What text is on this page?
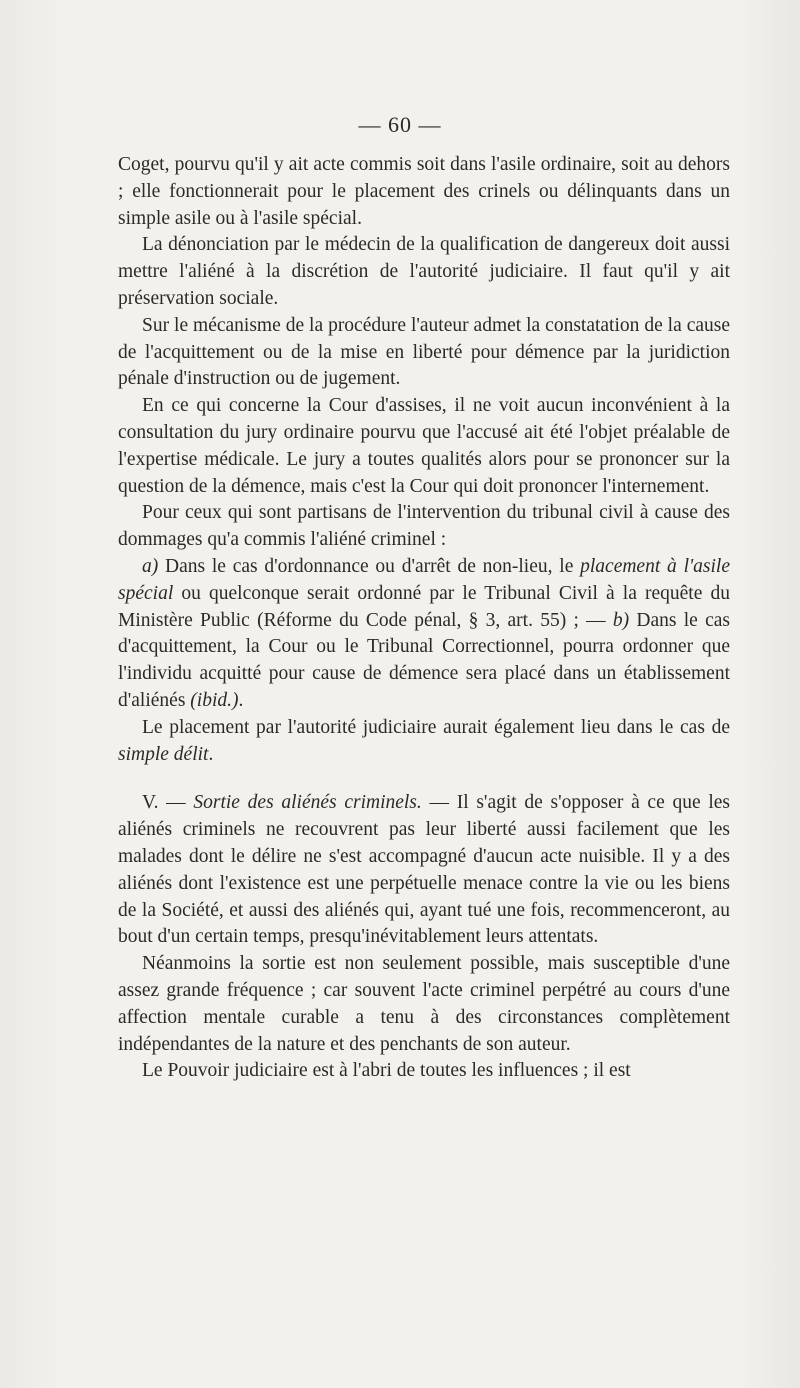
— 60 —

Coget, pourvu qu'il y ait acte commis soit dans l'asile ordinaire, soit au dehors ; elle fonctionnerait pour le placement des crinels ou délinquants dans un simple asile ou à l'asile spécial.

La dénonciation par le médecin de la qualification de dangereux doit aussi mettre l'aliéné à la discrétion de l'autorité judiciaire. Il faut qu'il y ait préservation sociale.

Sur le mécanisme de la procédure l'auteur admet la constatation de la cause de l'acquittement ou de la mise en liberté pour démence par la juridiction pénale d'instruction ou de jugement.

En ce qui concerne la Cour d'assises, il ne voit aucun inconvénient à la consultation du jury ordinaire pourvu que l'accusé ait été l'objet préalable de l'expertise médicale. Le jury a toutes qualités alors pour se prononcer sur la question de la démence, mais c'est la Cour qui doit prononcer l'internement.

Pour ceux qui sont partisans de l'intervention du tribunal civil à cause des dommages qu'a commis l'aliéné criminel :

a) Dans le cas d'ordonnance ou d'arrêt de non-lieu, le placement à l'asile spécial ou quelconque serait ordonné par le Tribunal Civil à la requête du Ministère Public (Réforme du Code pénal, § 3, art. 55) ; — b) Dans le cas d'acquittement, la Cour ou le Tribunal Correctionnel, pourra ordonner que l'individu acquitté pour cause de démence sera placé dans un établissement d'aliénés (ibid.).

Le placement par l'autorité judiciaire aurait également lieu dans le cas de simple délit.

V. — Sortie des aliénés criminels. — Il s'agit de s'opposer à ce que les aliénés criminels ne recouvrent pas leur liberté aussi facilement que les malades dont le délire ne s'est accompagné d'aucun acte nuisible. Il y a des aliénés dont l'existence est une perpétuelle menace contre la vie ou les biens de la Société, et aussi des aliénés qui, ayant tué une fois, recommenceront, au bout d'un certain temps, presqu'inévitablement leurs attentats.

Néanmoins la sortie est non seulement possible, mais susceptible d'une assez grande fréquence ; car souvent l'acte criminel perpétré au cours d'une affection mentale curable a tenu à des circonstances complètement indépendantes de la nature et des penchants de son auteur.

Le Pouvoir judiciaire est à l'abri de toutes les influences ; il est
